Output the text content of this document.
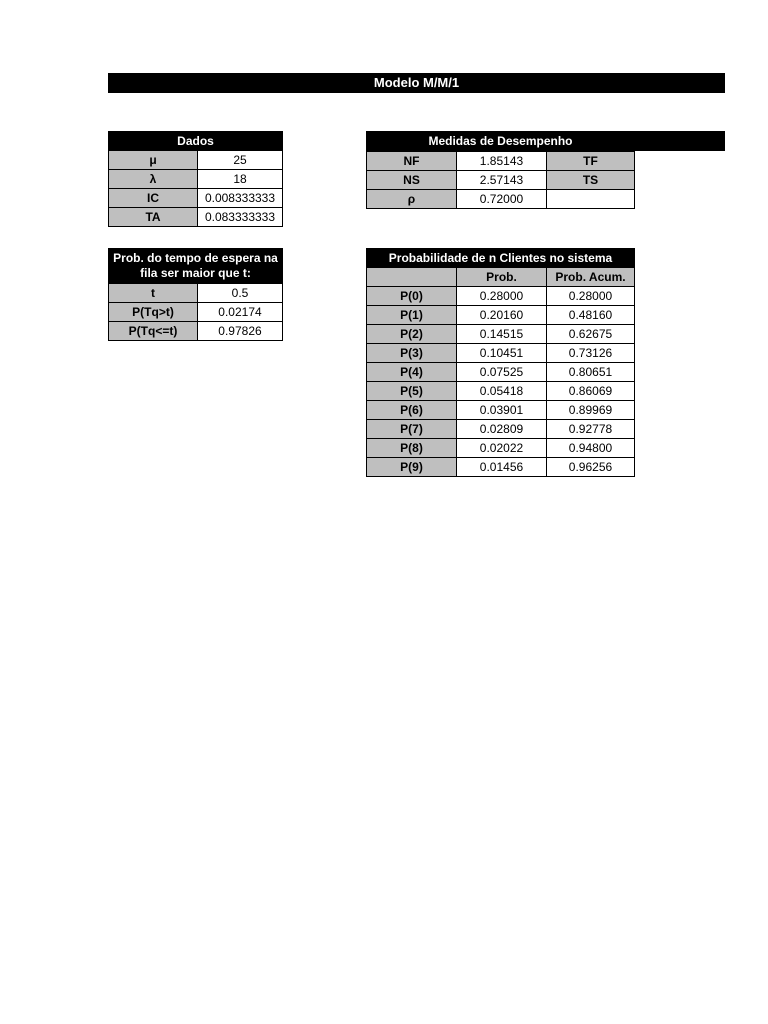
Modelo M/M/1
Dados	
μ	25
λ	18
IC	0.008333333
TA	0.083333333
Prob. do tempo de espera na fila ser maior que t:	
t	0.5
P(Tq>t)	0.02174
P(Tq<=t)	0.97826
Medidas de Desempenho
NF	1.85143	TF
NS	2.57143	TS
ρ	0.72000	
Probabilidade de n Clientes no sistema		
	Prob.	Prob. Acum.
P(0)	0.28000	0.28000
P(1)	0.20160	0.48160
P(2)	0.14515	0.62675
P(3)	0.10451	0.73126
P(4)	0.07525	0.80651
P(5)	0.05418	0.86069
P(6)	0.03901	0.89969
P(7)	0.02809	0.92778
P(8)	0.02022	0.94800
P(9)	0.01456	0.96256
